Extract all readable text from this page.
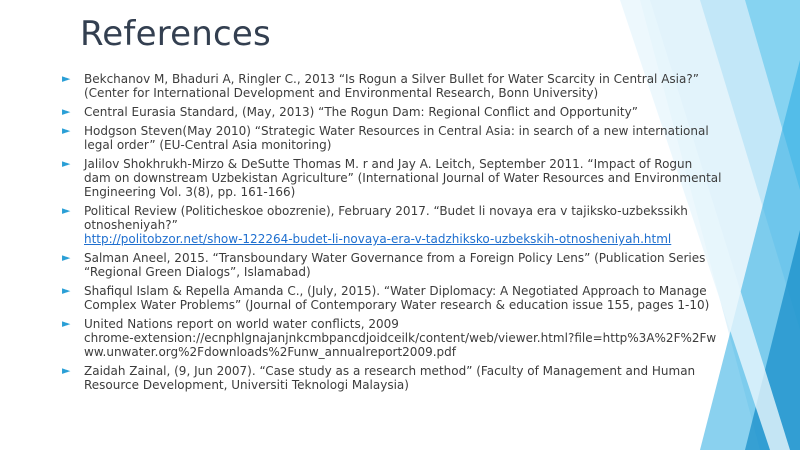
References
► Bekchanov M, Bhaduri A, Ringler C., 2013 “Is Rogun a Silver Bullet for Water Scarcity in Central Asia?”
(Center for International Development and Environmental Research, Bonn University)
► Central Eurasia Standard, (May, 2013) “The Rogun Dam: Regional Conflict and Opportunity”
► Hodgson Steven(May 2010) “Strategic Water Resources in Central Asia: in search of a new international
legal order” (EU-Central Asia monitoring)
► Jalilov Shokhrukh-Mirzo & DeSutte Thomas M. r and Jay A. Leitch, September 2011. “Impact of Rogun
dam on downstream Uzbekistan Agriculture” (International Journal of Water Resources and Environmental
Engineering Vol. 3(8), pp. 161-166)
► Political Review (Politicheskoe obozrenie), February 2017. “Budet li novaya era v tajiksko-uzbekssikh
otnosheniyah?”
http://politobzor.net/show-122264-budet-li-novaya-era-v-tadzhiksko-uzbekskih-otnosheniyah.html
► Salman Aneel, 2015. “Transboundary Water Governance from a Foreign Policy Lens” (Publication Series
“Regional Green Dialogs”, Islamabad)
► Shafiqul Islam & Repella Amanda C., (July, 2015). “Water Diplomacy: A Negotiated Approach to Manage
Complex Water Problems” (Journal of Contemporary Water research & education issue 155, pages 1-10)
► United Nations report on world water conflicts, 2009
chrome-extension://ecnphlgnajanjnkcmbpancdjoidceilk/content/web/viewer.html?file=http%3A%2F%2Fw
ww.unwater.org%2Fdownloads%2Funw_annualreport2009.pdf
► Zaidah Zainal, (9, Jun 2007). “Case study as a research method” (Faculty of Management and Human
Resource Development, Universiti Teknologi Malaysia)
